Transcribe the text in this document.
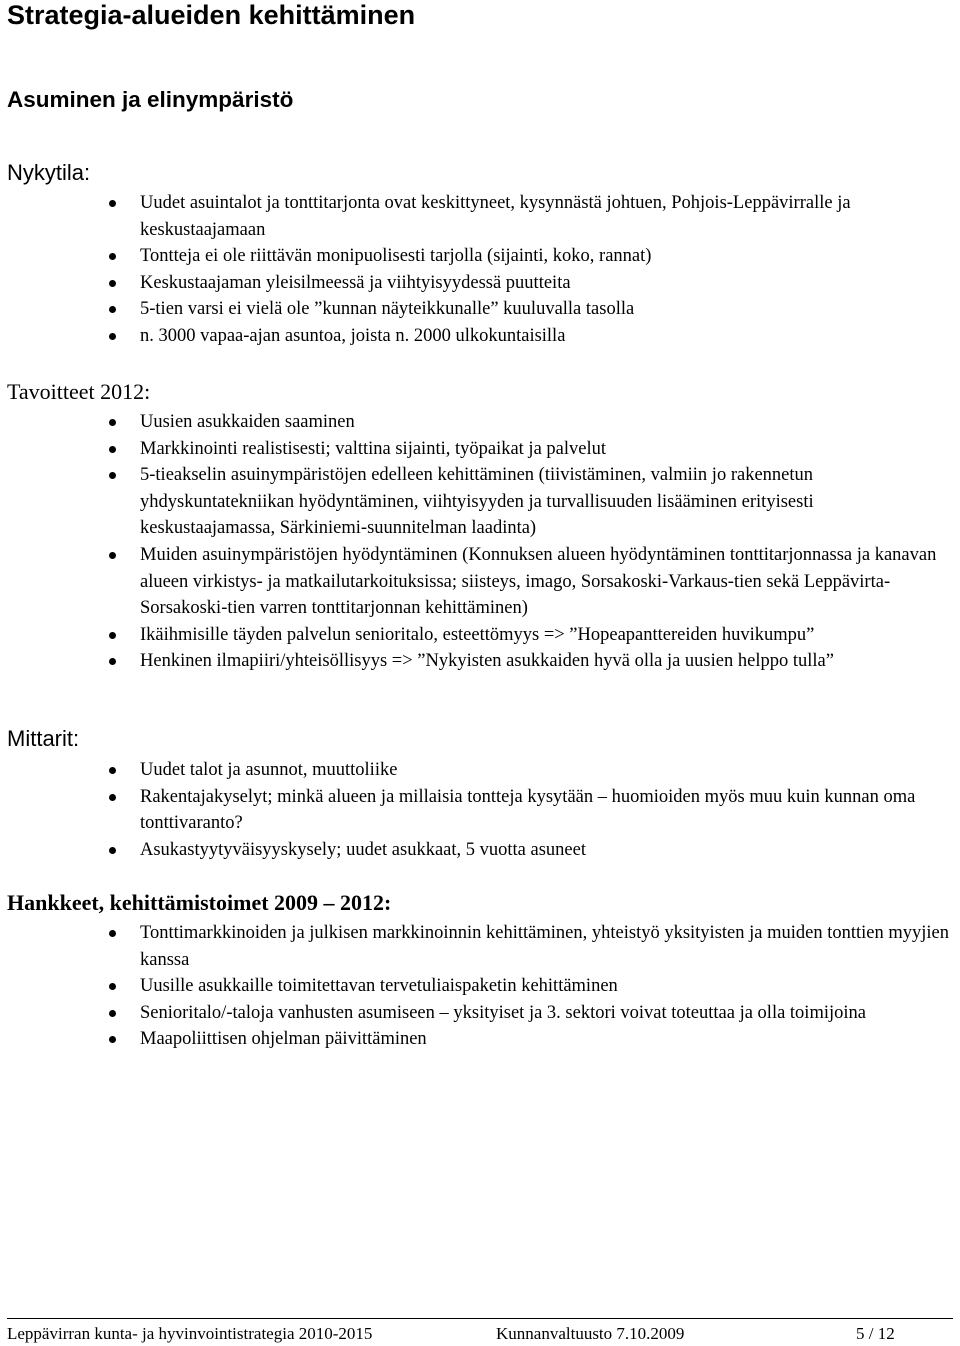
Strategia-alueiden kehittäminen
Asuminen ja elinympäristö
Nykytila:
Uudet asuintalot ja tonttitarjonta ovat keskittyneet, kysynnästä johtuen, Pohjois-Leppävirralle ja keskustaajamaan
Tontteja ei ole riittävän monipuolisesti tarjolla (sijainti, koko, rannat)
Keskustaajaman yleisilmeessä ja viihtyisyydessä puutteita
5-tien varsi ei vielä ole ”kunnan näyteikkunalle” kuuluvalla tasolla
n. 3000 vapaa-ajan asuntoa, joista n. 2000 ulkokuntaisilla
Tavoitteet 2012:
Uusien asukkaiden saaminen
Markkinointi realistisesti; valttina sijainti, työpaikat ja palvelut
5-tieakselin asuinympäristöjen edelleen kehittäminen (tiivistäminen, valmiin jo rakennetun yhdyskuntatekniikan hyödyntäminen, viihtyisyyden ja turvallisuuden lisääminen erityisesti keskustaajamassa, Särkiniemi-suunnitelman laadinta)
Muiden asuinympäristöjen hyödyntäminen (Konnuksen alueen hyödyntäminen tonttitarjonnassa ja kanavan alueen virkistys- ja matkailutarkoituksissa; siisteys, imago, Sorsakoski-Varkaus-tien sekä Leppävirta-Sorsakoski-tien varren tonttitarjonnan kehittäminen)
Ikäihmisille täyden palvelun senioritalo, esteettömyys => ”Hopeapanttereiden huvikumpu”
Henkinen ilmapiiri/yhteisöllisyys => ”Nykyisten asukkaiden hyvä olla ja uusien helppo tulla”
Mittarit:
Uudet talot ja asunnot, muuttoliike
Rakentajakyselyt; minkä alueen ja millaisia tontteja kysytään – huomioiden myös muu kuin kunnan oma tonttivaranto?
Asukastyytyväisyyskysely; uudet asukkaat, 5 vuotta asuneet
Hankkeet, kehittämistoimet 2009 – 2012:
Tonttimarkkinoiden ja julkisen markkinoinnin kehittäminen, yhteistyö yksityisten ja muiden tonttien myyjien kanssa
Uusille asukkaille toimitettavan tervetuliaispaketin kehittäminen
Senioritalo/-taloja vanhusten asumiseen – yksityiset ja 3. sektori voivat toteuttaa ja olla toimijoina
Maapoliittisen ohjelman päivittäminen
Leppävirran kunta- ja hyvinvointistrategia 2010-2015	Kunnanvaltuusto 7.10.2009	5 / 12
